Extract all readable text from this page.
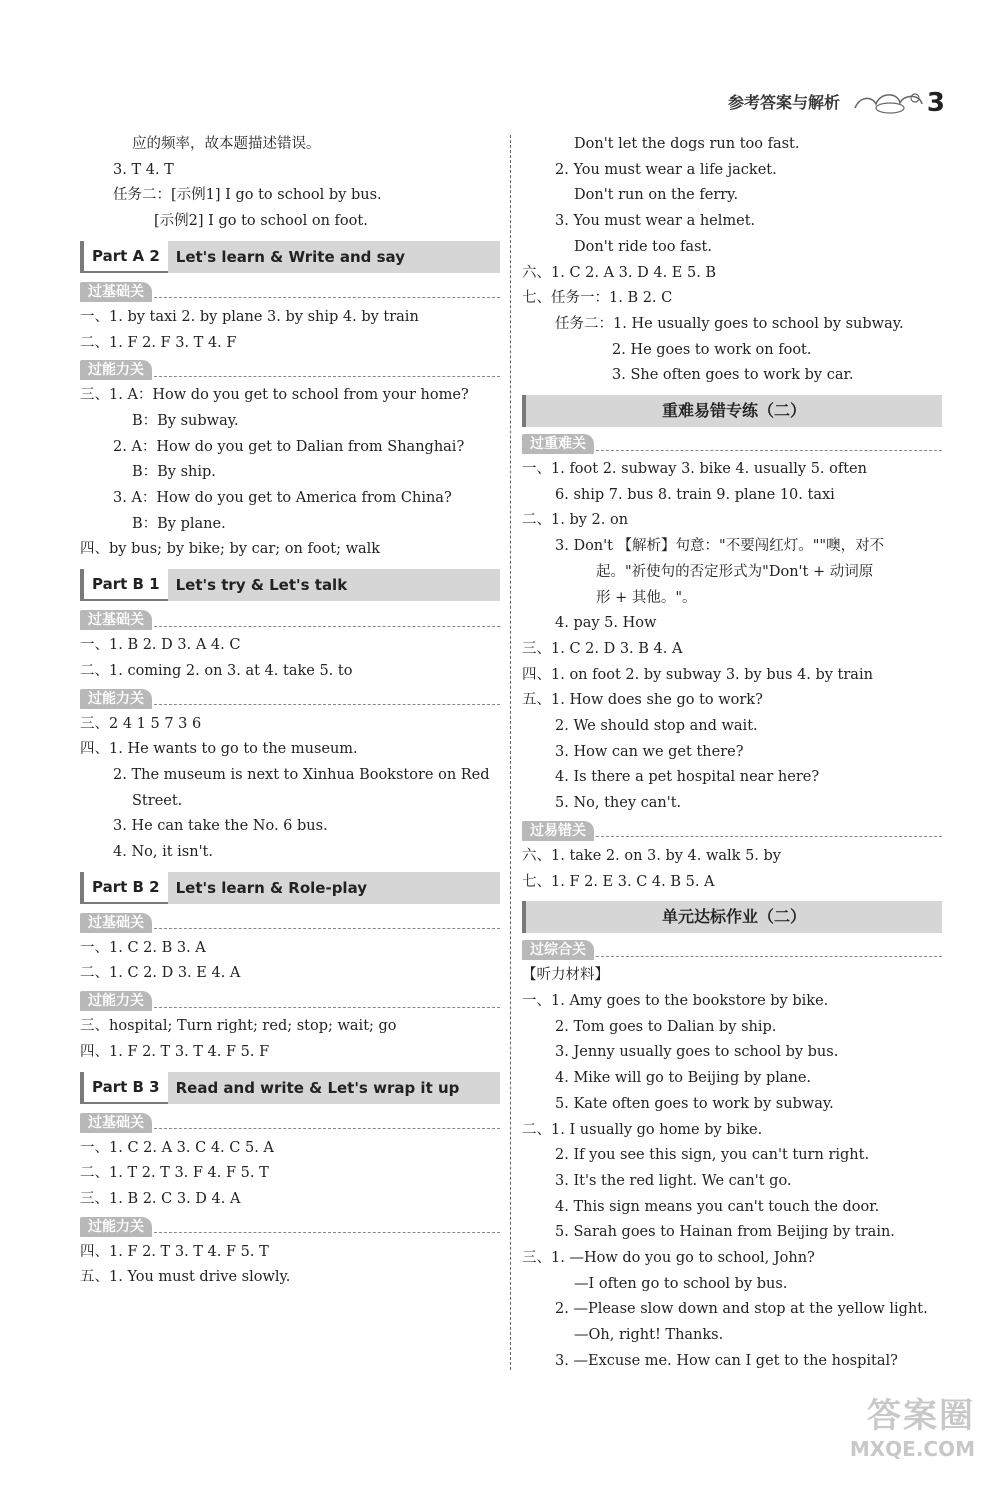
参考答案与解析	3
应的频率，故本题描述错误。
3. T 4. T
任务二：[示例1] I go to school by bus.
[示例2] I go to school on foot.
Part A 2	Let's learn & Write and say
过基础关
一、1. by taxi 2. by plane 3. by ship 4. by train
二、1. F 2. F 3. T 4. F
过能力关
三、1. A：How do you get to school from your home?
B：By subway.
2. A：How do you get to Dalian from Shanghai?
B：By ship.
3. A：How do you get to America from China?
B：By plane.
四、by bus; by bike; by car; on foot; walk
Part B 1	Let's try & Let's talk
过基础关
一、1. B 2. D 3. A 4. C
二、1. coming 2. on 3. at 4. take 5. to
过能力关
三、2 4 1 5 7 3 6
四、1. He wants to go to the museum.
2. The museum is next to Xinhua Bookstore on Red
Street.
3. He can take the No. 6 bus.
4. No, it isn't.
Part B 2	Let's learn & Role-play
过基础关
一、1. C 2. B 3. A
二、1. C 2. D 3. E 4. A
过能力关
三、hospital; Turn right; red; stop; wait; go
四、1. F 2. T 3. T 4. F 5. F
Part B 3	Read and write & Let's wrap it up
过基础关
一、1. C 2. A 3. C 4. C 5. A
二、1. T 2. T 3. F 4. F 5. T
三、1. B 2. C 3. D 4. A
过能力关
四、1. F 2. T 3. T 4. F 5. T
五、1. You must drive slowly.
Don't let the dogs run too fast.
2. You must wear a life jacket.
Don't run on the ferry.
3. You must wear a helmet.
Don't ride too fast.
六、1. C 2. A 3. D 4. E 5. B
七、任务一：1. B 2. C
任务二：1. He usually goes to school by subway.
2. He goes to work on foot.
3. She often goes to work by car.
重难易错专练（二）
过重难关
一、1. foot 2. subway 3. bike 4. usually 5. often
6. ship 7. bus 8. train 9. plane 10. taxi
二、1. by 2. on
3. Don't 【解析】句意："不要闯红灯。""噢，对不
起。"祈使句的否定形式为"Don't + 动词原
形 + 其他。"。
4. pay 5. How
三、1. C 2. D 3. B 4. A
四、1. on foot 2. by subway 3. by bus 4. by train
五、1. How does she go to work?
2. We should stop and wait.
3. How can we get there?
4. Is there a pet hospital near here?
5. No, they can't.
过易错关
六、1. take 2. on 3. by 4. walk 5. by
七、1. F 2. E 3. C 4. B 5. A
单元达标作业（二）
过综合关
【听力材料】
一、1. Amy goes to the bookstore by bike.
2. Tom goes to Dalian by ship.
3. Jenny usually goes to school by bus.
4. Mike will go to Beijing by plane.
5. Kate often goes to work by subway.
二、1. I usually go home by bike.
2. If you see this sign, you can't turn right.
3. It's the red light. We can't go.
4. This sign means you can't touch the door.
5. Sarah goes to Hainan from Beijing by train.
三、1. —How do you go to school, John?
—I often go to school by bus.
2. —Please slow down and stop at the yellow light.
—Oh, right! Thanks.
3. —Excuse me. How can I get to the hospital?
答案圈
MXQE.COM
